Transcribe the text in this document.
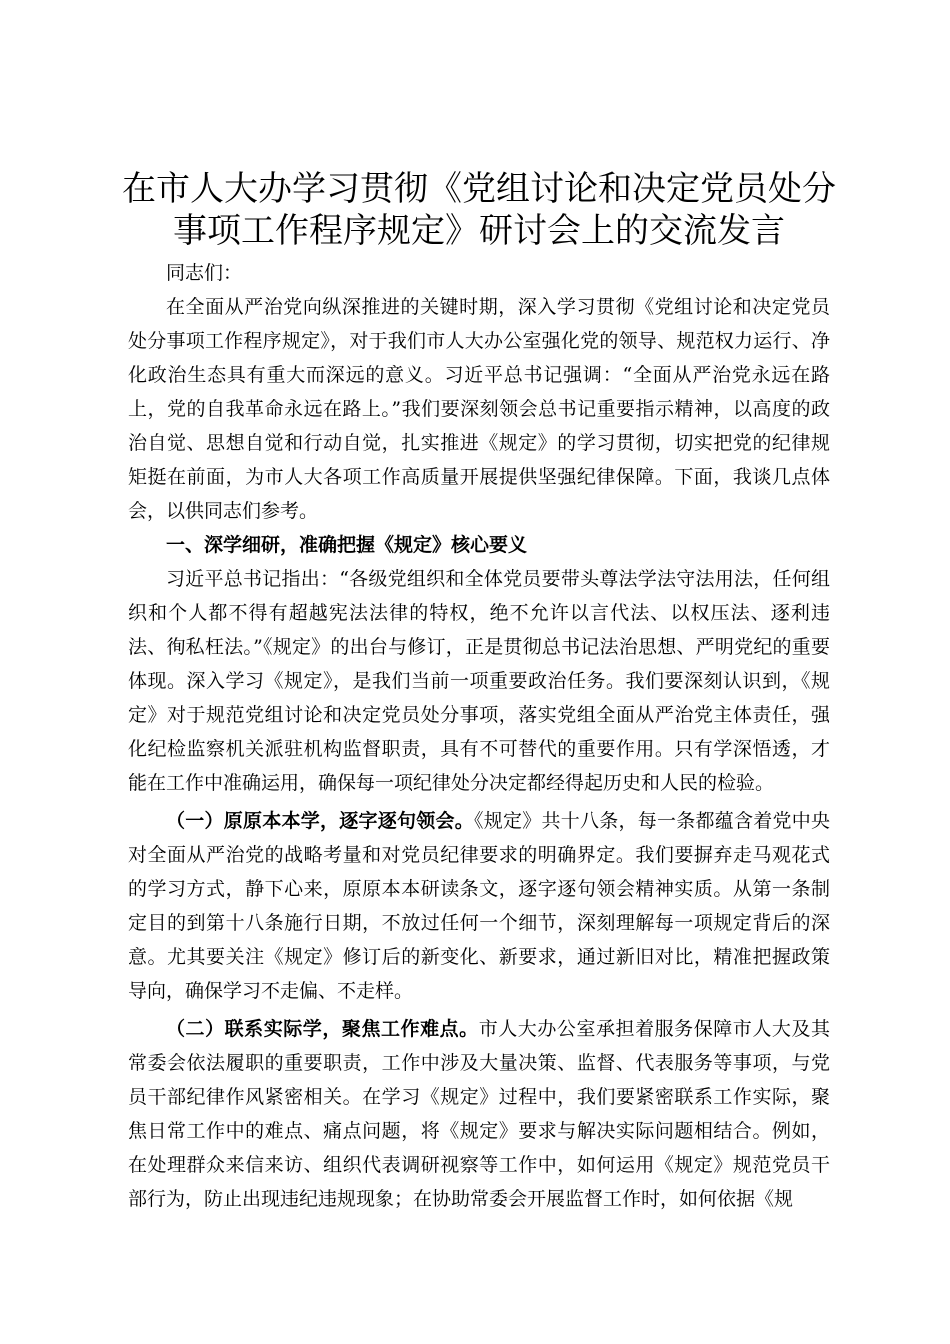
在市人大办学习贯彻《党组讨论和决定党员处分事项工作程序规定》研讨会上的交流发言

同志们：

在全面从严治党向纵深推进的关键时期，深入学习贯彻《党组讨论和决定党员处分事项工作程序规定》，对于我们市人大办公室强化党的领导、规范权力运行、净化政治生态具有重大而深远的意义。习近平总书记强调：“全面从严治党永远在路上，党的自我革命永远在路上。”我们要深刻领会总书记重要指示精神，以高度的政治自觉、思想自觉和行动自觉，扎实推进《规定》的学习贯彻，切实把党的纪律规矩挺在前面，为市人大各项工作高质量开展提供坚强纪律保障。下面，我谈几点体会，以供同志们参考。

一、深学细研，准确把握《规定》核心要义

习近平总书记指出：“各级党组织和全体党员要带头尊法学法守法用法，任何组织和个人都不得有超越宪法法律的特权，绝不允许以言代法、以权压法、逐利违法、徇私枉法。”《规定》的出台与修订，正是贯彻总书记法治思想、严明党纪的重要体现。深入学习《规定》，是我们当前一项重要政治任务。我们要深刻认识到，《规定》对于规范党组讨论和决定党员处分事项，落实党组全面从严治党主体责任，强化纪检监察机关派驻机构监督职责，具有不可替代的重要作用。只有学深悟透，才能在工作中准确运用，确保每一项纪律处分决定都经得起历史和人民的检验。

（一）原原本本学，逐字逐句领会。《规定》共十八条，每一条都蕴含着党中央对全面从严治党的战略考量和对党员纪律要求的明确界定。我们要摒弃走马观花式的学习方式，静下心来，原原本本研读条文，逐字逐句领会精神实质。从第一条制定目的到第十八条施行日期，不放过任何一个细节，深刻理解每一项规定背后的深意。尤其要关注《规定》修订后的新变化、新要求，通过新旧对比，精准把握政策导向，确保学习不走偏、不走样。

（二）联系实际学，聚焦工作难点。市人大办公室承担着服务保障市人大及其常委会依法履职的重要职责，工作中涉及大量决策、监督、代表服务等事项，与党员干部纪律作风紧密相关。在学习《规定》过程中，我们要紧密联系工作实际，聚焦日常工作中的难点、痛点问题，将《规定》要求与解决实际问题相结合。例如，在处理群众来信来访、组织代表调研视察等工作中，如何运用《规定》规范党员干部行为，防止出现违纪违规现象；在协助常委会开展监督工作时，如何依据《规
